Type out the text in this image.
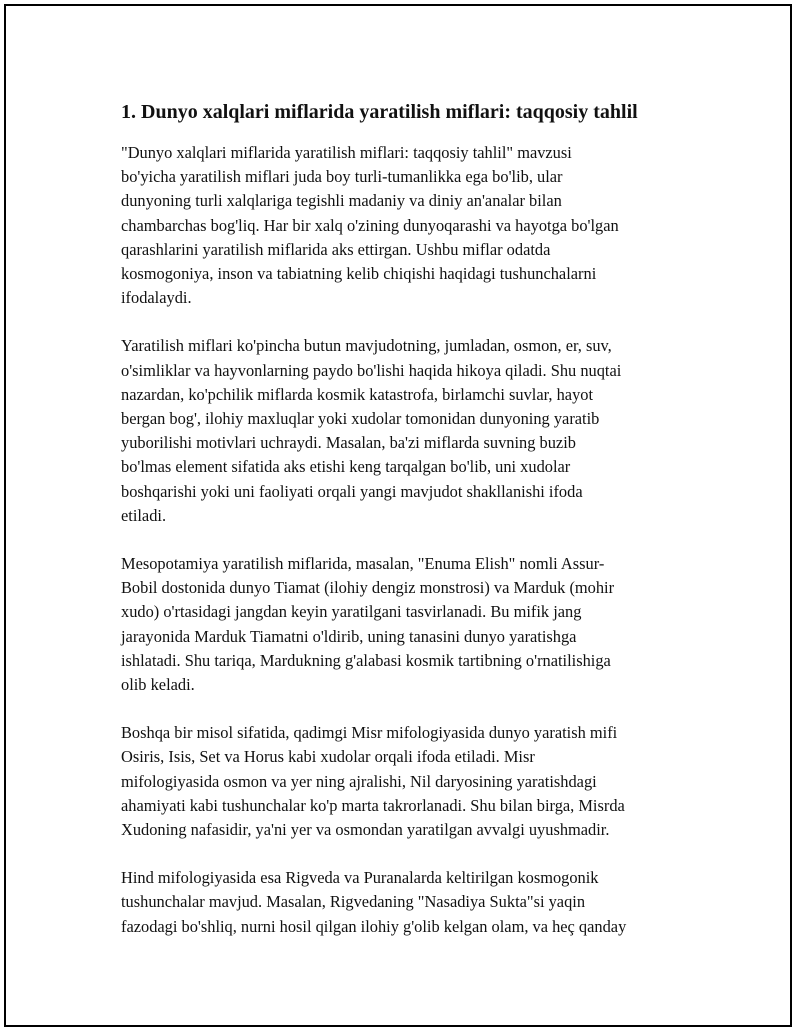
1. Dunyo xalqlari miflarida yaratilish miflari: taqqosiy tahlil

"Dunyo xalqlari miflarida yaratilish miflari: taqqosiy tahlil" mavzusi
bo'yicha yaratilish miflari juda boy turli-tumanlikka ega bo'lib, ular
dunyoning turli xalqlariga tegishli madaniy va diniy an'analar bilan
chambarchas bog'liq. Har bir xalq o'zining dunyoqarashi va hayotga bo'lgan
qarashlarini yaratilish miflarida aks ettirgan. Ushbu miflar odatda
kosmogoniya, inson va tabiatning kelib chiqishi haqidagi tushunchalarni
ifodalaydi.

Yaratilish miflari ko'pincha butun mavjudotning, jumladan, osmon, er, suv,
o'simliklar va hayvonlarning paydo bo'lishi haqida hikoya qiladi. Shu nuqtai
nazardan, ko'pchilik miflarda kosmik katastrofa, birlamchi suvlar, hayot
bergan bog', ilohiy maxluqlar yoki xudolar tomonidan dunyoning yaratib
yuborilishi motivlari uchraydi. Masalan, ba'zi miflarda suvning buzib
bo'lmas element sifatida aks etishi keng tarqalgan bo'lib, uni xudolar
boshqarishi yoki uni faoliyati orqali yangi mavjudot shakllanishi ifoda
etiladi.

Mesopotamiya yaratilish miflarida, masalan, "Enuma Elish" nomli Assur-
Bobil dostonida dunyo Tiamat (ilohiy dengiz monstrosi) va Marduk (mohir
xudo) o'rtasidagi jangdan keyin yaratilgani tasvirlanadi. Bu mifik jang
jarayonida Marduk Tiamatni o'ldirib, uning tanasini dunyo yaratishga
ishlatadi. Shu tariqa, Mardukning g'alabasi kosmik tartibning o'rnatilishiga
olib keladi.

Boshqa bir misol sifatida, qadimgi Misr mifologiyasida dunyo yaratish mifi
Osiris, Isis, Set va Horus kabi xudolar orqali ifoda etiladi. Misr
mifologiyasida osmon va yer ning ajralishi, Nil daryosining yaratishdagi
ahamiyati kabi tushunchalar ko'p marta takrorlanadi. Shu bilan birga, Misrda
Xudoning nafasidir, ya'ni yer va osmondan yaratilgan avvalgi uyushmadir.

Hind mifologiyasida esa Rigveda va Puranalarda keltirilgan kosmogonik
tushunchalar mavjud. Masalan, Rigvedaning "Nasadiya Sukta"si yaqin
fazodagi bo'shliq, nurni hosil qilgan ilohiy g'olib kelgan olam, va heç qanday
